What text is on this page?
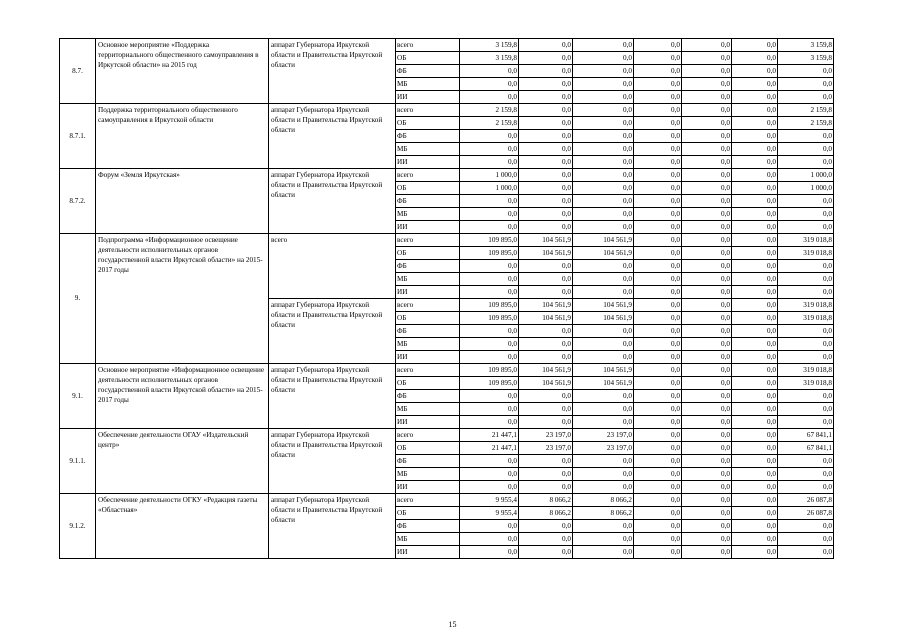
8.7.	Основное мероприятие «Поддержка территориального общественного самоуправления в Иркутской области» на 2015 год	аппарат Губернатора Иркутской области и Правительства Иркутской области	всего	3 159,8	0,0	0,0	0,0	0,0	0,0	3 159,8
			ОБ	3 159,8	0,0	0,0	0,0	0,0	0,0	3 159,8
			ФБ	0,0	0,0	0,0	0,0	0,0	0,0	0,0
			МБ	0,0	0,0	0,0	0,0	0,0	0,0	0,0
			ИИ	0,0	0,0	0,0	0,0	0,0	0,0	0,0
8.7.1.	Поддержка территориального общественного самоуправления в Иркутской области	аппарат Губернатора Иркутской области и Правительства Иркутской области	всего	2 159,8	0,0	0,0	0,0	0,0	0,0	2 159,8
			ОБ	2 159,8	0,0	0,0	0,0	0,0	0,0	2 159,8
			ФБ	0,0	0,0	0,0	0,0	0,0	0,0	0,0
			МБ	0,0	0,0	0,0	0,0	0,0	0,0	0,0
			ИИ	0,0	0,0	0,0	0,0	0,0	0,0	0,0
8.7.2.	Форум «Земля Иркутская»	аппарат Губернатора Иркутской области и Правительства Иркутской области	всего	1 000,0	0,0	0,0	0,0	0,0	0,0	1 000,0
			ОБ	1 000,0	0,0	0,0	0,0	0,0	0,0	1 000,0
			ФБ	0,0	0,0	0,0	0,0	0,0	0,0	0,0
			МБ	0,0	0,0	0,0	0,0	0,0	0,0	0,0
			ИИ	0,0	0,0	0,0	0,0	0,0	0,0	0,0
9.	Подпрограмма «Информационное освещение деятельности исполнительных органов государственной власти Иркутской области» на 2015-2017 годы	всего	всего	109 895,0	104 561,9	104 561,9	0,0	0,0	0,0	319 018,8
			ОБ	109 895,0	104 561,9	104 561,9	0,0	0,0	0,0	319 018,8
			ФБ	0,0	0,0	0,0	0,0	0,0	0,0	0,0
			МБ	0,0	0,0	0,0	0,0	0,0	0,0	0,0
			ИИ	0,0	0,0	0,0	0,0	0,0	0,0	0,0
		аппарат Губернатора Иркутской области и Правительства Иркутской области	всего	109 895,0	104 561,9	104 561,9	0,0	0,0	0,0	319 018,8
			ОБ	109 895,0	104 561,9	104 561,9	0,0	0,0	0,0	319 018,8
			ФБ	0,0	0,0	0,0	0,0	0,0	0,0	0,0
			МБ	0,0	0,0	0,0	0,0	0,0	0,0	0,0
			ИИ	0,0	0,0	0,0	0,0	0,0	0,0	0,0
9.1.	Основное мероприятие «Информационное освещение деятельности исполнительных органов государственной власти Иркутской области» на 2015-2017 годы	аппарат Губернатора Иркутской области и Правительства Иркутской области	всего	109 895,0	104 561,9	104 561,9	0,0	0,0	0,0	319 018,8
			ОБ	109 895,0	104 561,9	104 561,9	0,0	0,0	0,0	319 018,8
			ФБ	0,0	0,0	0,0	0,0	0,0	0,0	0,0
			МБ	0,0	0,0	0,0	0,0	0,0	0,0	0,0
			ИИ	0,0	0,0	0,0	0,0	0,0	0,0	0,0
9.1.1.	Обеспечение деятельности ОГАУ «Издательский центр»	аппарат Губернатора Иркутской области и Правительства Иркутской области	всего	21 447,1	23 197,0	23 197,0	0,0	0,0	0,0	67 841,1
			ОБ	21 447,1	23 197,0	23 197,0	0,0	0,0	0,0	67 841,1
			ФБ	0,0	0,0	0,0	0,0	0,0	0,0	0,0
			МБ	0,0	0,0	0,0	0,0	0,0	0,0	0,0
			ИИ	0,0	0,0	0,0	0,0	0,0	0,0	0,0
9.1.2.	Обеспечение деятельности ОГКУ «Редакция газеты «Областная»	аппарат Губернатора Иркутской области и Правительства Иркутской области	всего	9 955,4	8 066,2	8 066,2	0,0	0,0	0,0	26 087,8
			ОБ	9 955,4	8 066,2	8 066,2	0,0	0,0	0,0	26 087,8
			ФБ	0,0	0,0	0,0	0,0	0,0	0,0	0,0
			МБ	0,0	0,0	0,0	0,0	0,0	0,0	0,0
			ИИ	0,0	0,0	0,0	0,0	0,0	0,0	0,0
15
